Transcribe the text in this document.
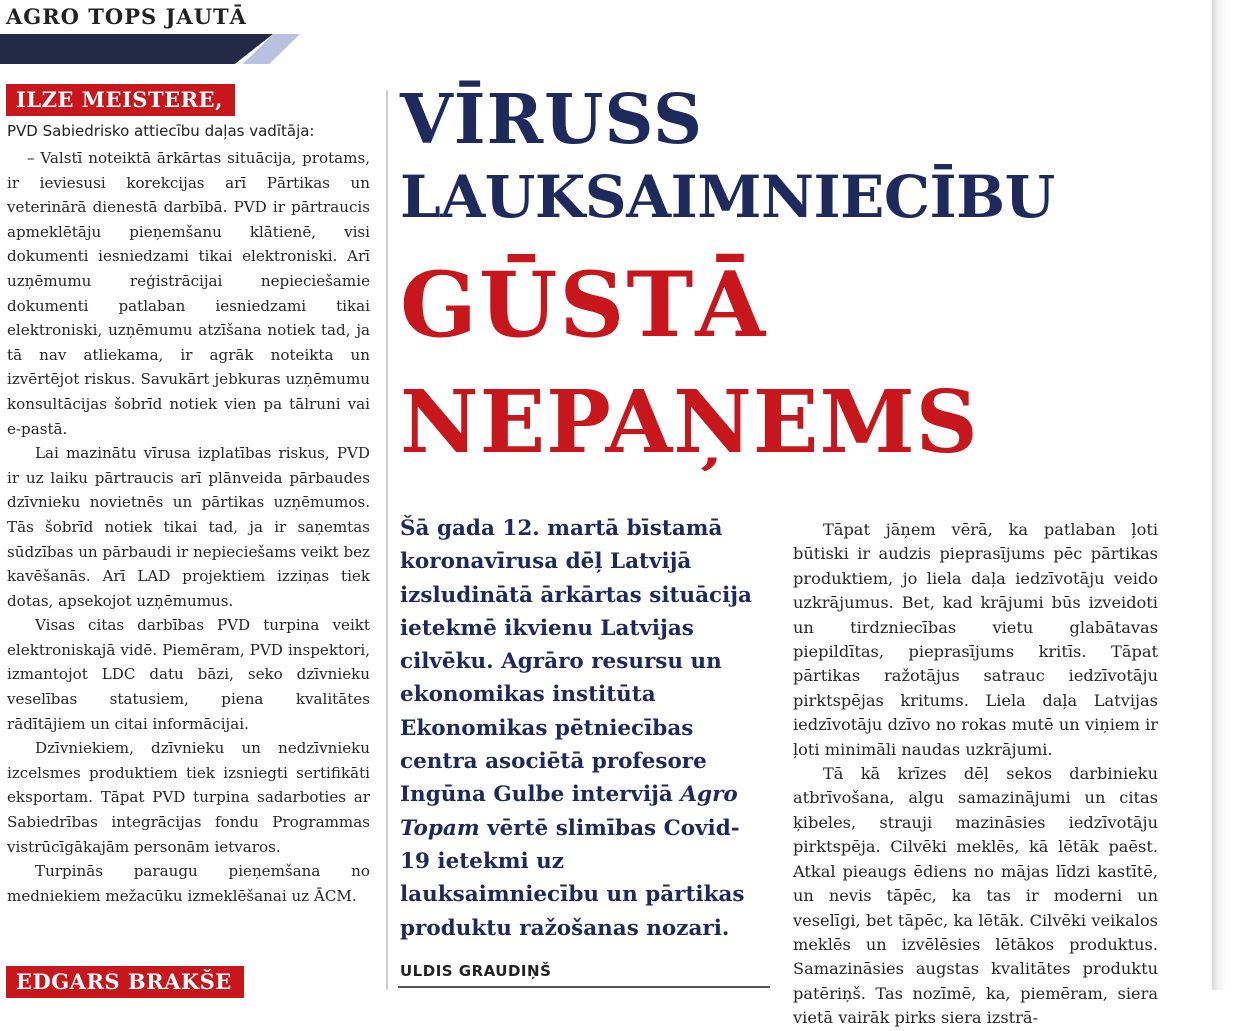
AGRO TOPS JAUTĀ
ILZE MEISTERE,
PVD Sabiedrisko attiecību daļas vadītāja:

– Valstī noteiktā ārkārtas situācija, protams, ir ieviesusi korekcijas arī Pārtikas un veterinārā dienestā darbībā. PVD ir pārtraucis apmeklētāju pieņemšanu klātienē, visi dokumenti iesniedzami tikai elektroniski. Arī uzņēmumu reģistrācijai nepieciešamie dokumenti patlaban iesniedzami tikai elektroniski, uzņēmumu atzīšana notiek tad, ja tā nav atliekama, ir agrāk noteikta un izvērtējot riskus. Savukārt jebkuras uzņēmumu konsultācijas šobrīd notiek vien pa tālruni vai e-pastā.

Lai mazinātu vīrusa izplatības riskus, PVD ir uz laiku pārtraucis arī plānveida pārbaudes dzīvnieku novietnēs un pārtikas uzņēmumos. Tās šobrīd notiek tikai tad, ja ir saņemtas sūdzības un pārbaudi ir nepieciešams veikt bez kavēšanās. Arī LAD projektiem izziņas tiek dotas, apsekojot uzņēmumus.

Visas citas darbības PVD turpina veikt elektroniskajā vidē. Piemēram, PVD inspektori, izmantojot LDC datu bāzi, seko dzīvnieku veselības statusiem, piena kvalitātes rādītājiem un citai informācijai.

Dzīvniekiem, dzīvnieku un nedzīvnieku izcelsmes produktiem tiek izsniegti sertifikāti eksportam. Tāpat PVD turpina sadarboties ar Sabiedrības integrācijas fondu Programmas vistrūcīgākajām personām ietvaros.

Turpinās paraugu pieņemšana no medniekiem mežacūku izmeklēšanai uz ĀCM.

EDGARS BRAKŠE
VĪRUSS
LAUKSAIMNIECĪBU
GŪSTĀ
NEPAŅEMS
Šā gada 12. martā bīstamā koronavīrusa dēļ Latvijā izsludinātā ārkārtas situācija ietekmē ikvienu Latvijas cilvēku. Agrāro resursu un ekonomikas institūta Ekonomikas pētniecības centra asociētā profesore Ingūna Gulbe intervijā Agro Topam vērtē slimības Covid-19 ietekmi uz lauksaimniecību un pārtikas produktu ražošanas nozari.
ULDIS GRAUDIŅŠ

Tāpat jāņem vērā, ka patlaban ļoti būtiski ir audzis pieprasījums pēc pārtikas produktiem, jo liela daļa iedzīvotāju veido uzkrājumus. Bet, kad krājumi būs izveidoti un tirdzniecības vietu glabātavas piepildītas, pieprasījums kritīs. Tāpat pārtikas ražotājus satrauc iedzīvotāju pirktspējas kritums. Liela daļa Latvijas iedzīvotāju dzīvo no rokas mutē un viņiem ir ļoti minimāli naudas uzkrājumi.

Tā kā krīzes dēļ sekos darbinieku atbrīvošana, algu samazinājumi un citas ķibeles, strauji mazināsies iedzīvotāju pirktspēja. Cilvēki meklēs, kā lētāk paēst. Atkal pieaugs ēdiens no mājas līdzi kastītē, un nevis tāpēc, ka tas ir moderni un veselīgi, bet tāpēc, ka lētāk. Cilvēki veikalos meklēs un izvēlēsies lētākos produktus. Samazināsies augstas kvalitātes produktu patēriņš. Tas nozīmē, ka, piemēram, siera vietā vairāk pirks siera izstrā-
